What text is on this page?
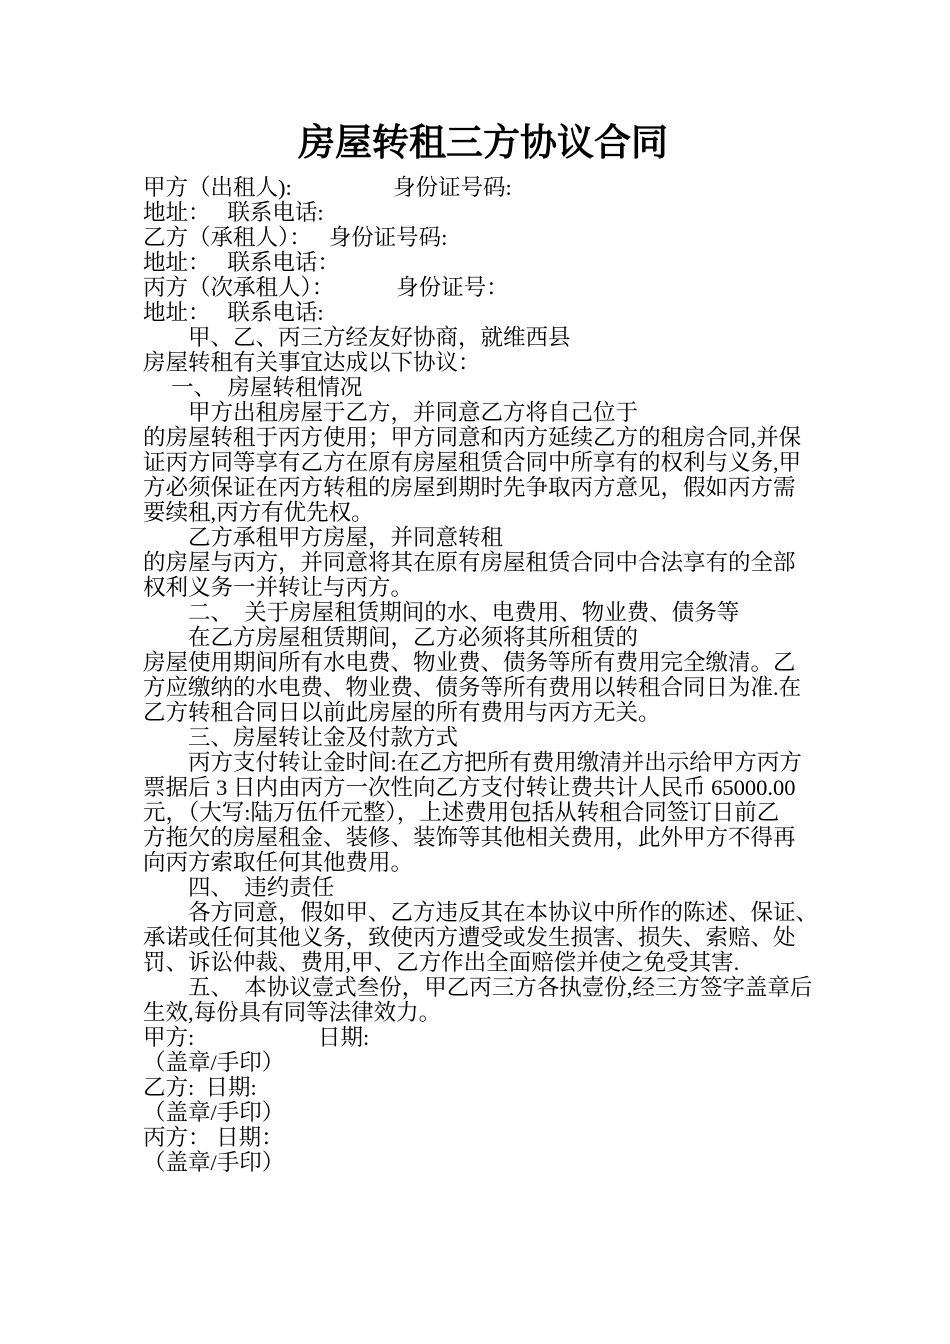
房屋转租三方协议合同
甲方（出租人):　　　　  身份证号码:
地址：　 联系电话:
乙方（承租人）：　 身份证号码:
地址：　 联系电话：
丙方（次承租人）：　　　 身份证号：
地址：　 联系电话:
　　甲、乙、丙三方经友好协商，就维西县
房屋转租有关事宜达成以下协议：
　 一、　房屋转租情况
　　甲方出租房屋于乙方，并同意乙方将自己位于
的房屋转租于丙方使用；甲方同意和丙方延续乙方的租房合同,并保
证丙方同等享有乙方在原有房屋租赁合同中所享有的权利与义务,甲
方必须保证在丙方转租的房屋到期时先争取丙方意见，假如丙方需
要续租,丙方有优先权。
　　乙方承租甲方房屋，并同意转租
的房屋与丙方，并同意将其在原有房屋租赁合同中合法享有的全部
权利义务一并转让与丙方。
　　二、　关于房屋租赁期间的水、电费用、物业费、债务等
　　在乙方房屋租赁期间，乙方必须将其所租赁的
房屋使用期间所有水电费、物业费、债务等所有费用完全缴清。乙
方应缴纳的水电费、物业费、债务等所有费用以转租合同日为准.在
乙方转租合同日以前此房屋的所有费用与丙方无关。
　　三、房屋转让金及付款方式
　　丙方支付转让金时间:在乙方把所有费用缴清并出示给甲方丙方
票据后 3 日内由丙方一次性向乙方支付转让费共计人民币 65000.00
元，（大写:陆万伍仟元整），上述费用包括从转租合同签订日前乙
方拖欠的房屋租金、装修、装饰等其他相关费用，此外甲方不得再
向丙方索取任何其他费用。
　　四、　违约责任
　　各方同意，假如甲、乙方违反其在本协议中所作的陈述、保证、
承诺或任何其他义务，致使丙方遭受或发生损害、损失、索赔、处
罚、诉讼仲裁、费用,甲、乙方作出全面赔偿并使之免受其害.
　　五、　本协议壹式叁份，甲乙丙三方各执壹份,经三方签字盖章后
生效,每份具有同等法律效力。
甲方:　　　　　  日期:
（盖章/手印）
乙方:  日期:
（盖章/手印）
丙方： 日期：
（盖章/手印）
